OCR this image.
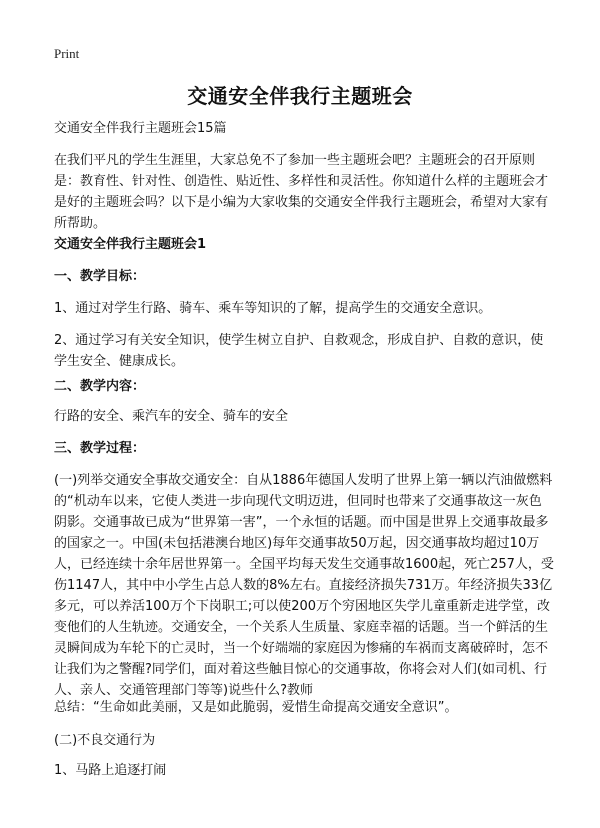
Print
交通安全伴我行主题班会
交通安全伴我行主题班会15篇
在我们平凡的学生生涯里，大家总免不了参加一些主题班会吧？主题班会的召开原则是：教育性、针对性、创造性、贴近性、多样性和灵活性。你知道什么样的主题班会才是好的主题班会吗？以下是小编为大家收集的交通安全伴我行主题班会，希望对大家有所帮助。
交通安全伴我行主题班会1
一、教学目标：
1、通过对学生行路、骑车、乘车等知识的了解，提高学生的交通安全意识。
2、通过学习有关安全知识，使学生树立自护、自救观念，形成自护、自救的意识，使学生安全、健康成长。
二、教学内容：
行路的安全、乘汽车的安全、骑车的安全
三、教学过程：
(一)列举交通安全事故交通安全：自从1886年德国人发明了世界上第一辆以汽油做燃料的“机动车以来，它使人类进一步向现代文明迈进，但同时也带来了交通事故这一灰色阴影。交通事故已成为“世界第一害”，一个永恒的话题。而中国是世界上交通事故最多的国家之一。中国(未包括港澳台地区)每年交通事故50万起，因交通事故均超过10万人，已经连续十余年居世界第一。全国平均每天发生交通事故1600起，死亡257人，受伤1147人，其中中小学生占总人数的8%左右。直接经济损失731万。年经济损失33亿多元，可以养活100万个下岗职工;可以使200万个穷困地区失学儿童重新走进学堂，改变他们的人生轨迹。交通安全，一个关系人生质量、家庭幸福的话题。当一个鲜活的生灵瞬间成为车轮下的亡灵时，当一个好端端的家庭因为惨痛的车祸而支离破碎时，怎不让我们为之警醒?同学们，面对着这些触目惊心的交通事故，你将会对人们(如司机、行人、亲人、交通管理部门等等)说些什么?教师
总结：“生命如此美丽，又是如此脆弱，爱惜生命提高交通安全意识”。
(二)不良交通行为
1、马路上追逐打闹
